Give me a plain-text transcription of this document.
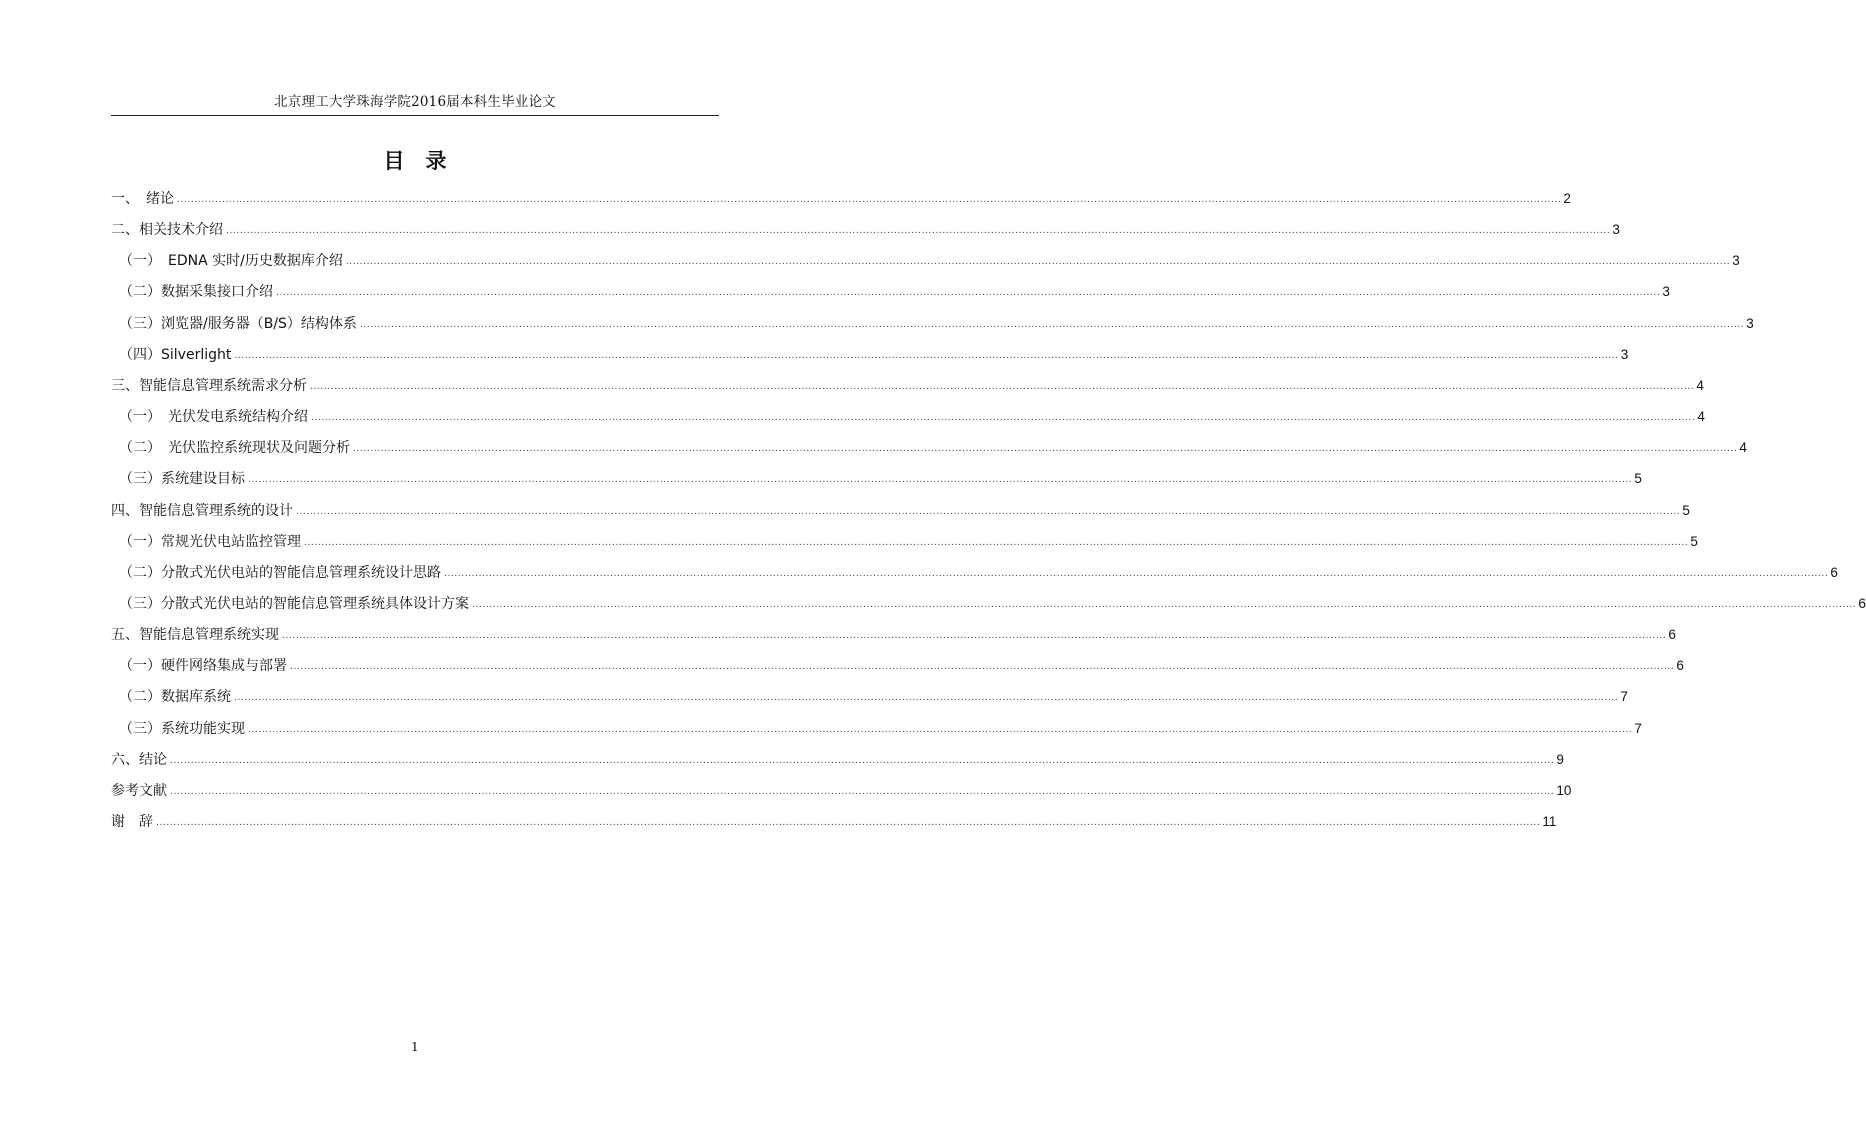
北京理工大学珠海学院2016届本科生毕业论文
目　录
一、　绪论 ................................................................................................................................................................................................................................................................................................................................................................................................................ 2
二、相关技术介绍 ................................................................................................................................................................................................................................................................................................................................................................................................................ 3
（一）　EDNA 实时/历史数据库介绍 ................................................................................................................................................................................................................................................................................................................................................................................................................ 3
（二）数据采集接口介绍 ................................................................................................................................................................................................................................................................................................................................................................................................................ 3
（三）浏览器/服务器（B/S）结构体系 ................................................................................................................................................................................................................................................................................................................................................................................................................ 3
（四）Silverlight ................................................................................................................................................................................................................................................................................................................................................................................................................ 3
三、智能信息管理系统需求分析 ................................................................................................................................................................................................................................................................................................................................................................................................................ 4
（一）　光伏发电系统结构介绍 ................................................................................................................................................................................................................................................................................................................................................................................................................ 4
（二）　光伏监控系统现状及问题分析 ................................................................................................................................................................................................................................................................................................................................................................................................................ 4
（三）系统建设目标 ................................................................................................................................................................................................................................................................................................................................................................................................................ 5
四、智能信息管理系统的设计 ................................................................................................................................................................................................................................................................................................................................................................................................................ 5
（一）常规光伏电站监控管理 ................................................................................................................................................................................................................................................................................................................................................................................................................ 5
（二）分散式光伏电站的智能信息管理系统设计思路 ................................................................................................................................................................................................................................................................................................................................................................................................................ 6
（三）分散式光伏电站的智能信息管理系统具体设计方案 ................................................................................................................................................................................................................................................................................................................................................................................................................ 6
五、智能信息管理系统实现 ................................................................................................................................................................................................................................................................................................................................................................................................................ 6
（一）硬件网络集成与部署 ................................................................................................................................................................................................................................................................................................................................................................................................................ 6
（二）数据库系统 ................................................................................................................................................................................................................................................................................................................................................................................................................ 7
（三）系统功能实现 ................................................................................................................................................................................................................................................................................................................................................................................................................ 7
六、结论 ................................................................................................................................................................................................................................................................................................................................................................................................................ 9
参考文献 ................................................................................................................................................................................................................................................................................................................................................................................................................ 10
谢　辞 ................................................................................................................................................................................................................................................................................................................................................................................................................ 11
1
